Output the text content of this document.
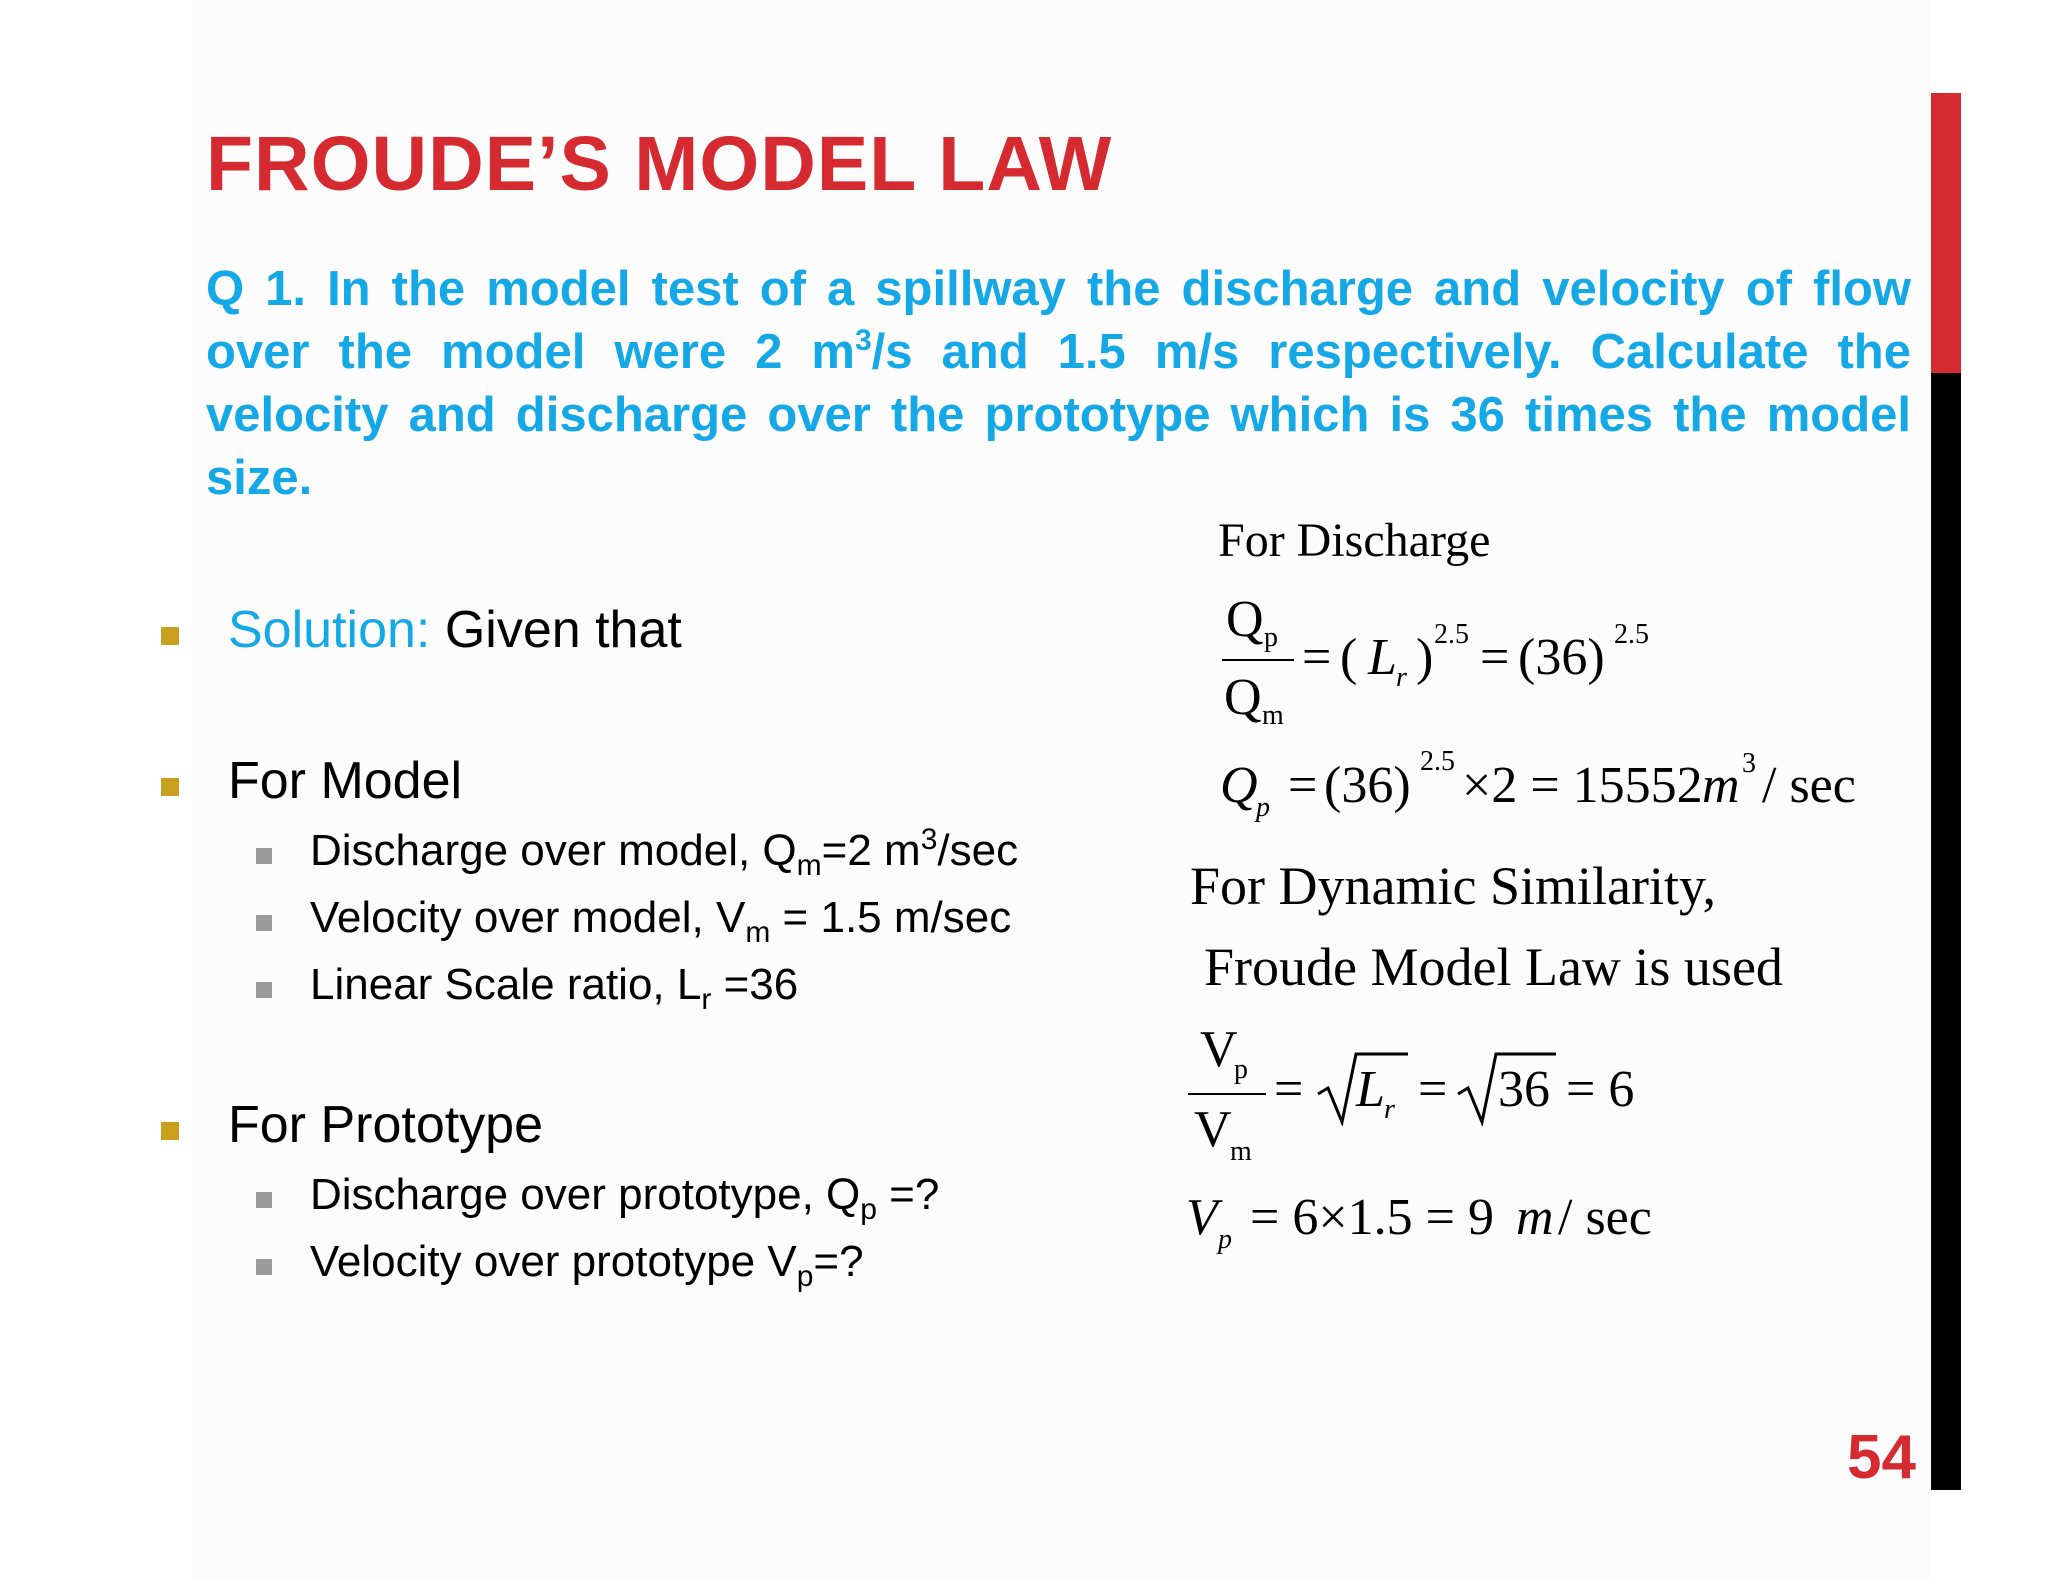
FROUDE’S MODEL LAW

Q 1. In the model test of a spillway the discharge and velocity of flow over the model were 2 $m^3/s$ and 1.5 m/s respectively. Calculate the velocity and discharge over the prototype which is 36 times the model size.

Solution: Given that
For Model
Discharge over model, $Q_m=2$ $m^3/\sec$
Velocity over model, $V_m = 1.5$ m/sec
Linear Scale ratio, $L_r =36$
For Prototype
Discharge over prototype, $Q_p$ =?
Velocity over prototype $V_p=$?
For Discharge
Q p
Q m
= ( L r ) 2.5 = (36) 2.5
Q
p = (36) 2.5 ×2 = 15552 m 3 / sec
For Dynamic Similarity,
Froude Model Law is used
V
p
V
m
= L r = 36 = 6
V p = 6×1.5 = 9 m / sec

54
